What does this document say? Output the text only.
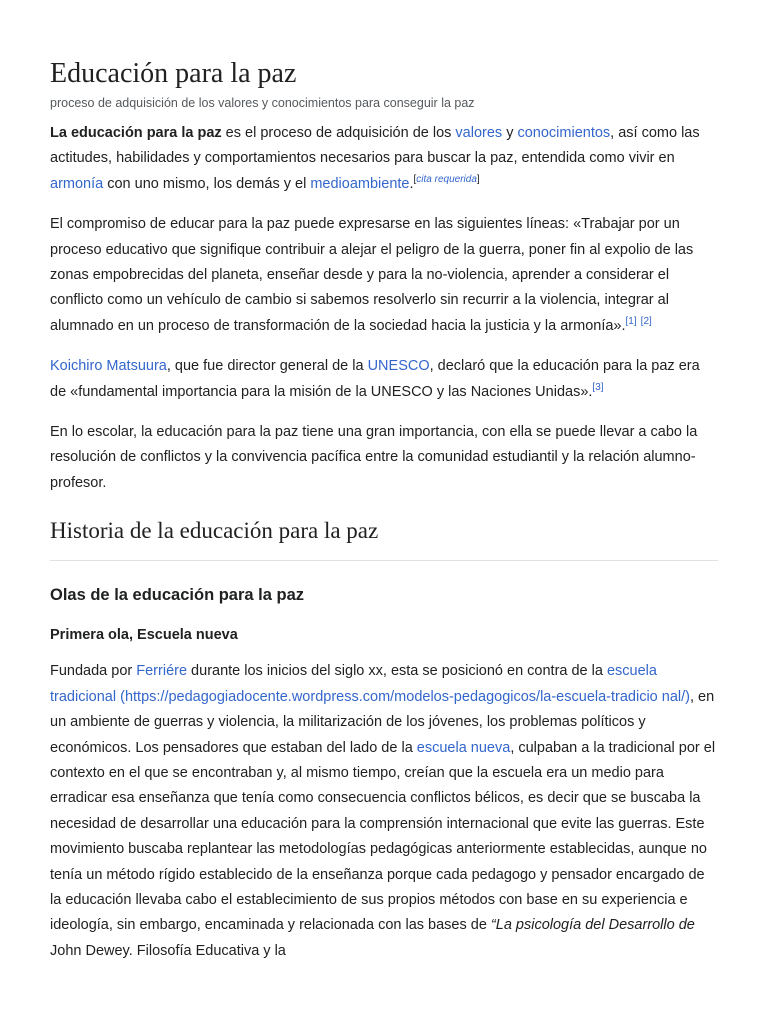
Educación para la paz
proceso de adquisición de los valores y conocimientos para conseguir la paz

La educación para la paz es el proceso de adquisición de los valores y conocimientos, así como las actitudes, habilidades y comportamientos necesarios para buscar la paz, entendida como vivir en armonía con uno mismo, los demás y el medioambiente.[cita requerida]

El compromiso de educar para la paz puede expresarse en las siguientes líneas: «Trabajar por un proceso educativo que signifique contribuir a alejar el peligro de la guerra, poner fin al expolio de las zonas empobrecidas del planeta, enseñar desde y para la no-violencia, aprender a considerar el conflicto como un vehículo de cambio si sabemos resolverlo sin recurrir a la violencia, integrar al alumnado en un proceso de transformación de la sociedad hacia la justicia y la armonía».[1] [2]

Koichiro Matsuura, que fue director general de la UNESCO, declaró que la educación para la paz era de «fundamental importancia para la misión de la UNESCO y las Naciones Unidas».[3]

En lo escolar, la educación para la paz tiene una gran importancia, con ella se puede llevar a cabo la resolución de conflictos y la convivencia pacífica entre la comunidad estudiantil y la relación alumno-profesor.

Historia de la educación para la paz
Olas de la educación para la paz
Primera ola, Escuela nueva

Fundada por Ferriére durante los inicios del siglo xx, esta se posicionó en contra de la escuela tradicional (https://pedagogiadocente.wordpress.com/modelos-pedagogicos/la-escuela-tradicio nal/), en un ambiente de guerras y violencia, la militarización de los jóvenes, los problemas políticos y económicos. Los pensadores que estaban del lado de la escuela nueva, culpaban a la tradicional por el contexto en el que se encontraban y, al mismo tiempo, creían que la escuela era un medio para erradicar esa enseñanza que tenía como consecuencia conflictos bélicos, es decir que se buscaba la necesidad de desarrollar una educación para la comprensión internacional que evite las guerras. Este movimiento buscaba replantear las metodologías pedagógicas anteriormente establecidas, aunque no tenía un método rígido establecido de la enseñanza porque cada pedagogo y pensador encargado de la educación llevaba cabo el establecimiento de sus propios métodos con base en su experiencia e ideología, sin embargo, encaminada y relacionada con las bases de “La psicología del Desarrollo de John Dewey. Filosofía Educativa y la
